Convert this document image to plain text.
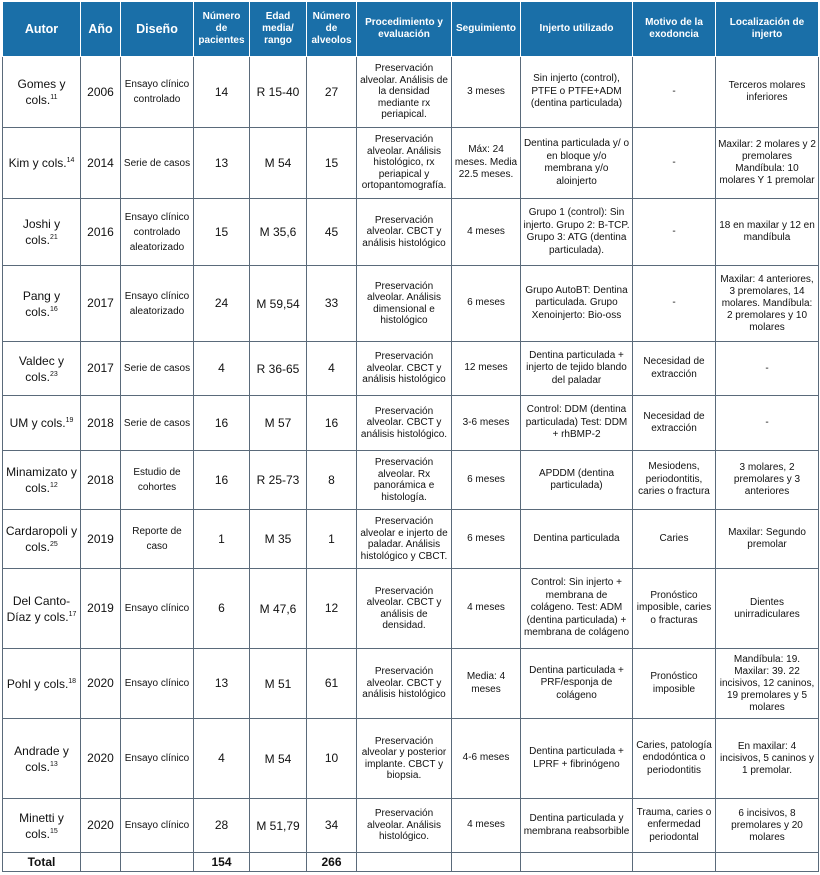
Autor	Año	Diseño	Número de pacientes	Edad media/ rango	Número de alveolos	Procedimiento y evaluación	Seguimiento	Injerto utilizado	Motivo de la exodoncia	Localización de injerto
Gomes y cols.$^{11}$	2006	Ensayo clínico controlado	14	R 15-40	27	Preservación alveolar. Análisis de la densidad mediante rx periapical.	3 meses	Sin injerto (control), PTFE o PTFE+ADM (dentina particulada)	-	Terceros molares inferiores
Kim y cols.$^{14}$	2014	Serie de casos	13	M 54	15	Preservación alveolar. Análisis histológico, rx periapical y ortopantomografía.	Máx: 24 meses. Media 22.5 meses.	Dentina particulada y/ o en bloque y/o membrana y/o aloinjerto	-	Maxilar: 2 molares y 2 premolares Mandíbula: 10 molares Y 1 premolar
Joshi y cols.$^{21}$	2016	Ensayo clínico controlado aleatorizado	15	M 35,6	45	Preservación alveolar. CBCT y análisis histológico	4 meses	Grupo 1 (control): Sin injerto. Grupo 2: B-TCP. Grupo 3: ATG (dentina particulada).	-	18 en maxilar y 12 en mandíbula
Pang y cols.$^{16}$	2017	Ensayo clínico aleatorizado	24	M 59,54	33	Preservación alveolar. Análisis dimensional e histológico	6 meses	Grupo AutoBT: Dentina particulada. Grupo Xenoinjerto: Bio-oss	-	Maxilar: 4 anteriores, 3 premolares, 14 molares. Mandíbula: 2 premolares y 10 molares
Valdec y cols.$^{23}$	2017	Serie de casos	4	R 36-65	4	Preservación alveolar. CBCT y análisis histológico	12 meses	Dentina particulada + injerto de tejido blando del paladar	Necesidad de extracción	-
UM y cols.$^{19}$	2018	Serie de casos	16	M 57	16	Preservación alveolar. CBCT y análisis histológico.	3-6 meses	Control: DDM (dentina particulada) Test: DDM + rhBMP-2	Necesidad de extracción	-
Minamizato y cols.$^{12}$	2018	Estudio de cohortes	16	R 25-73	8	Preservación alveolar. Rx panorámica e histología.	6 meses	APDDM (dentina particulada)	Mesiodens, periodontitis, caries o fractura	3 molares, 2 premolares y 3 anteriores
Cardaropoli y cols.$^{25}$	2019	Reporte de caso	1	M 35	1	Preservación alveolar e injerto de paladar. Análisis histológico y CBCT.	6 meses	Dentina particulada	Caries	Maxilar: Segundo premolar
Del Canto-Díaz y cols.$^{17}$	2019	Ensayo clínico	6	M 47,6	12	Preservación alveolar. CBCT y análisis de densidad.	4 meses	Control: Sin injerto + membrana de colágeno. Test: ADM (dentina particulada) + membrana de colágeno	Pronóstico imposible, caries o fracturas	Dientes unirradiculares
Pohl y cols.$^{18}$	2020	Ensayo clínico	13	M 51	61	Preservación alveolar. CBCT y análisis histológico	Media: 4 meses	Dentina particulada + PRF/esponja de colágeno	Pronóstico imposible	Mandíbula: 19. Maxilar: 39. 22 incisivos, 12 caninos, 19 premolares y 5 molares
Andrade y cols.$^{13}$	2020	Ensayo clínico	4	M 54	10	Preservación alveolar y posterior implante. CBCT y biopsia.	4-6 meses	Dentina particulada + LPRF + fibrinógeno	Caries, patología endodóntica o periodontitis	En maxilar: 4 incisivos, 5 caninos y 1 premolar.
Minetti y cols.$^{15}$	2020	Ensayo clínico	28	M 51,79	34	Preservación alveolar. Análisis histológico.	4 meses	Dentina particulada y membrana reabsorbible	Trauma, caries o enfermedad periodontal	6 incisivos, 8 premolares y 20 molares
Total			154		266					
